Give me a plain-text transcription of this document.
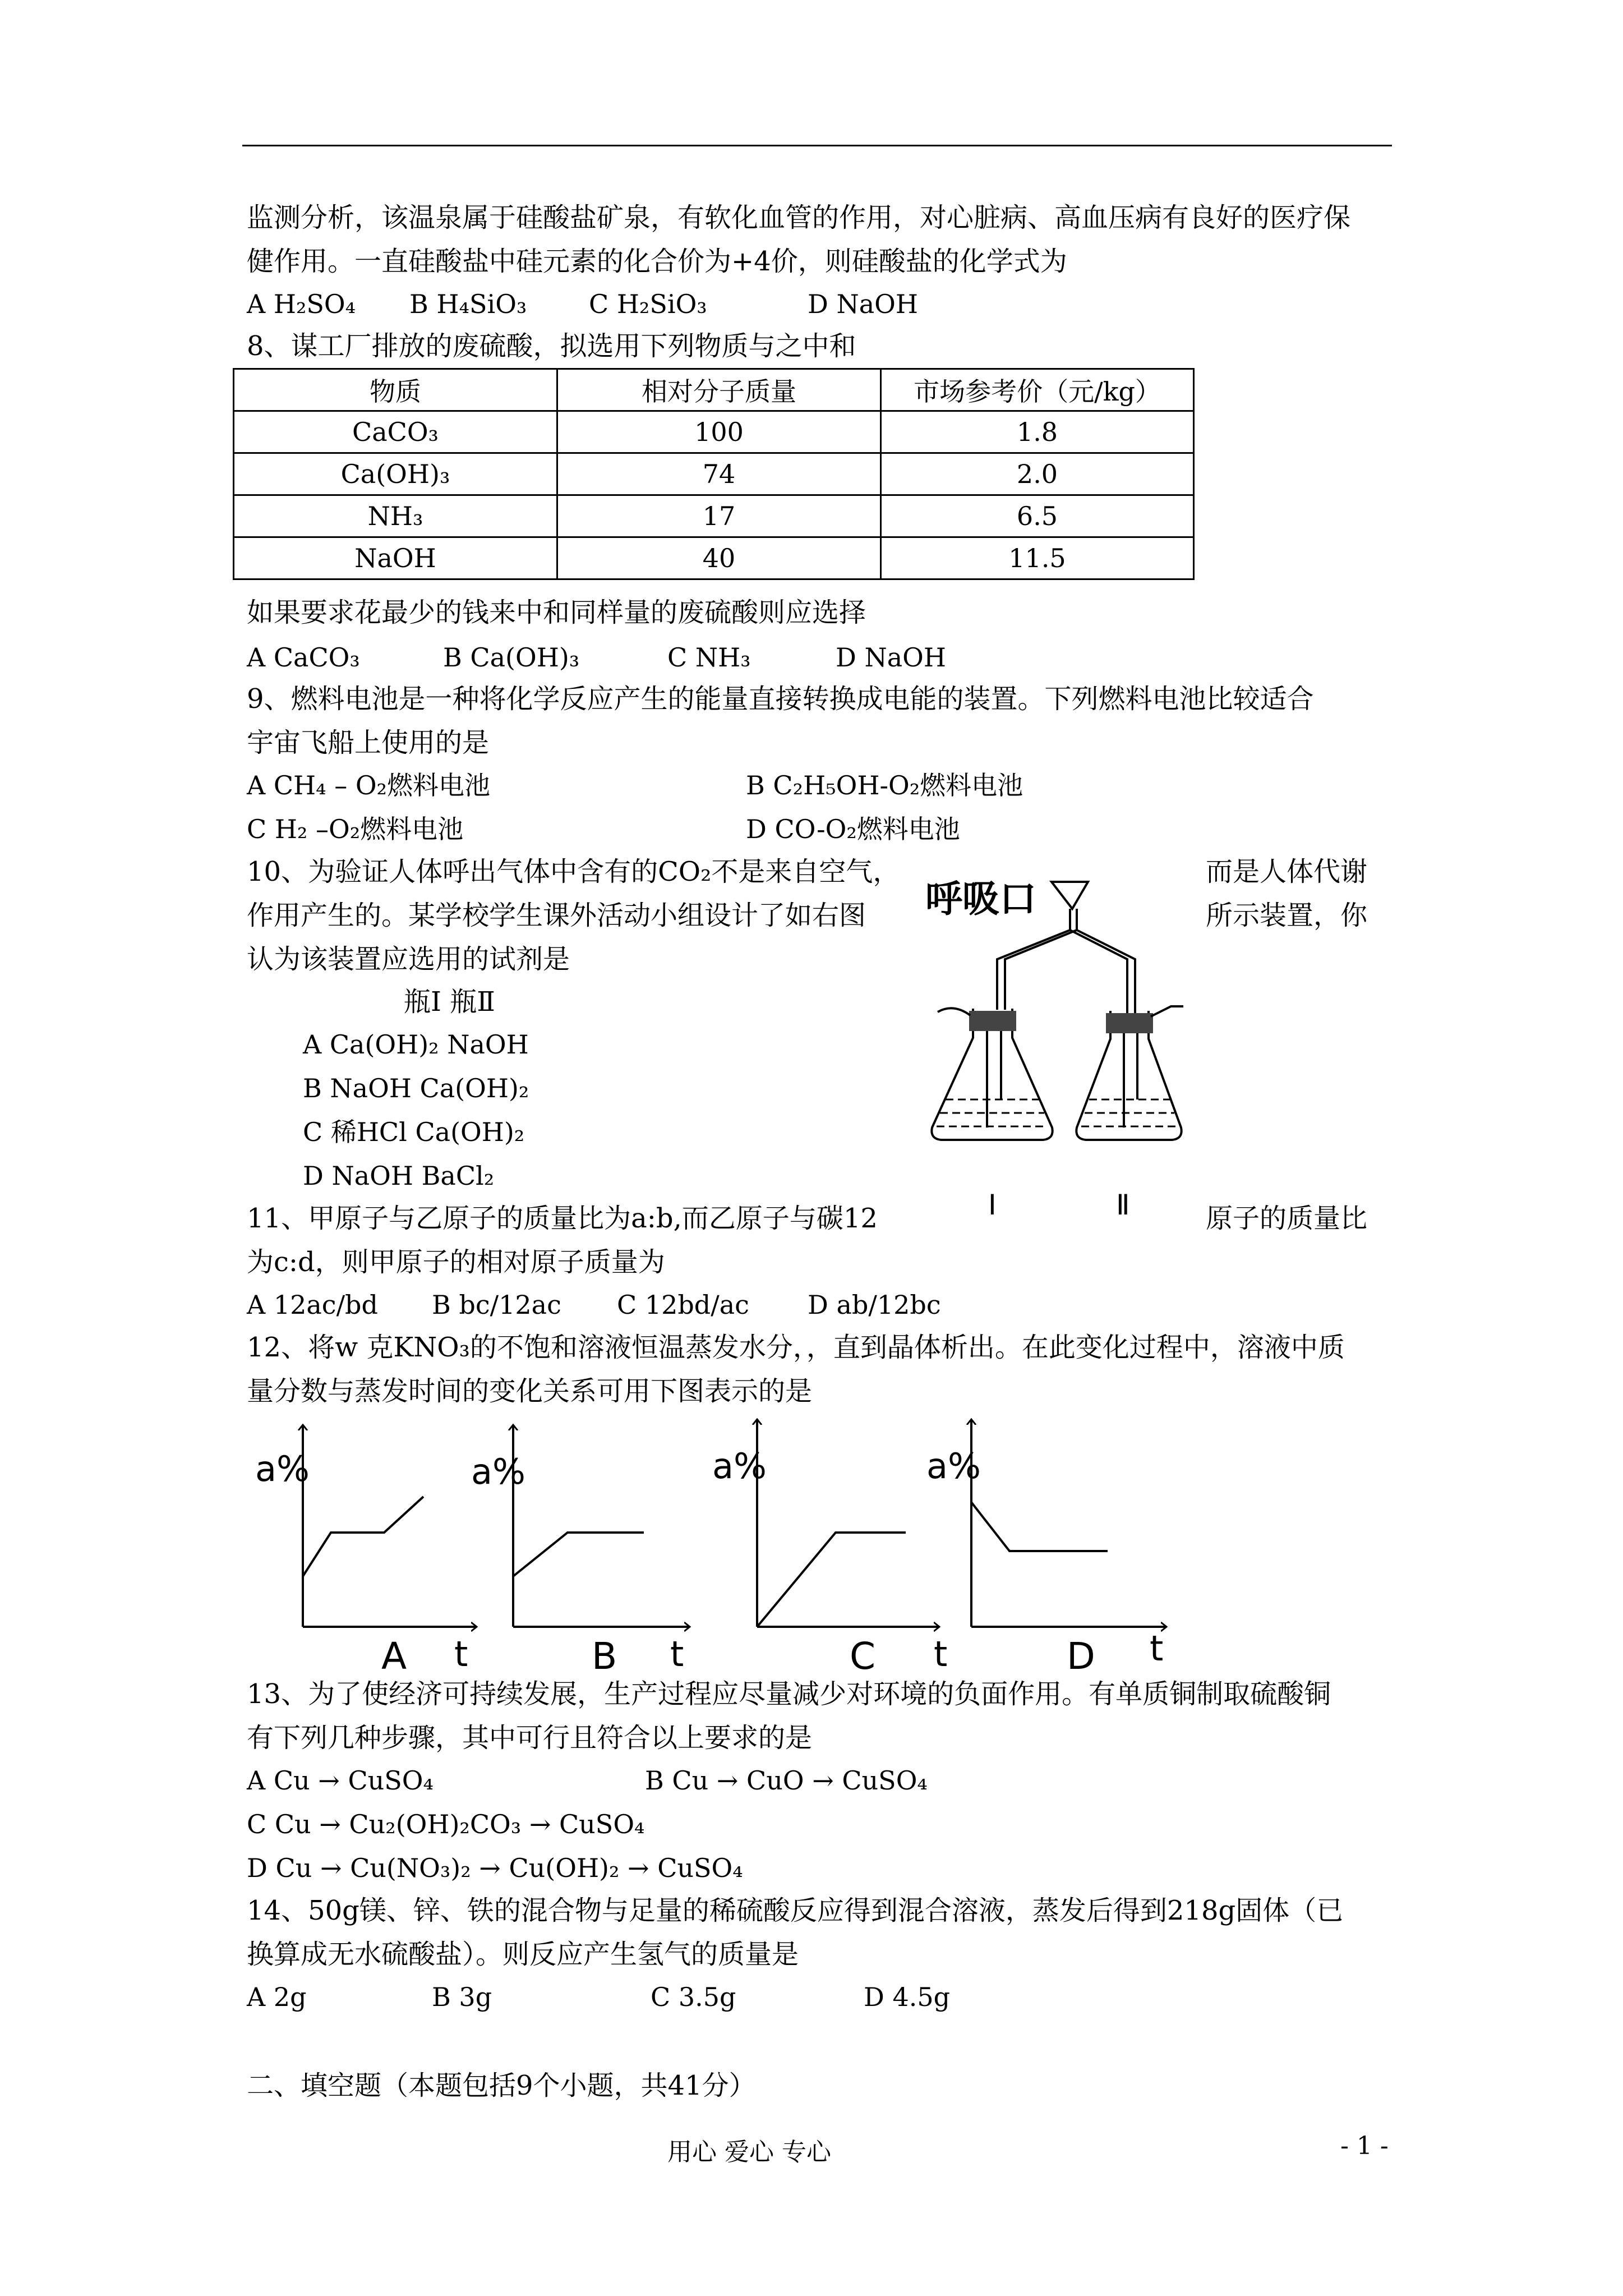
监测分析，该温泉属于硅酸盐矿泉，有软化血管的作用，对心脏病、高血压病有良好的医疗保
健作用。一直硅酸盐中硅元素的化合价为+4价，则硅酸盐的化学式为
A H₂SO₄ B H₄SiO₃ C H₂SiO₃	D NaOH
8、谋工厂排放的废硫酸，拟选用下列物质与之中和
物质	相对分子质量	市场参考价（元/kg）
CaCO₃	100	1.8
Ca(OH)₃	74	2.0
NH₃	17	6.5
NaOH	40	11.5
如果要求花最少的钱来中和同样量的废硫酸则应选择
A CaCO₃	B Ca(OH)₃	C NH₃	D NaOH
9、燃料电池是一种将化学反应产生的能量直接转换成电能的装置。下列燃料电池比较适合
宇宙飞船上使用的是
A CH₄ – O₂燃料电池	B C₂H₅OH-O₂燃料电池
C H₂ –O₂燃料电池	D CO-O₂燃料电池
10、为验证人体呼出气体中含有的CO₂不是来自空气，	而是人体代谢
作用产生的。某学校学生课外活动小组设计了如右图	所示装置，你
认为该装置应选用的试剂是
瓶Ⅰ 瓶Ⅱ
A Ca(OH)₂ NaOH
B NaOH Ca(OH)₂
C 稀HCl Ca(OH)₂
D NaOH BaCl₂
呼吸口
Ⅰ	Ⅱ
11、甲原子与乙原子的质量比为a:b,而乙原子与碳12	原子的质量比
为c:d，则甲原子的相对原子质量为
A 12ac/bd B bc/12ac C 12bd/ac D ab/12bc
12、将w 克KNO₃的不饱和溶液恒温蒸发水分，，直到晶体析出。在此变化过程中，溶液中质
量分数与蒸发时间的变化关系可用下图表示的是
a%
A t
a%
B t
a%
C t
a%
D t
13、为了使经济可持续发展，生产过程应尽量减少对环境的负面作用。有单质铜制取硫酸铜
有下列几种步骤，其中可行且符合以上要求的是
A Cu → CuSO₄	B Cu → CuO → CuSO₄
C Cu → Cu₂(OH)₂CO₃ → CuSO₄
D Cu → Cu(NO₃)₂ → Cu(OH)₂ → CuSO₄
14、50g镁、锌、铁的混合物与足量的稀硫酸反应得到混合溶液，蒸发后得到218g固体（已
换算成无水硫酸盐）。则反应产生氢气的质量是
A 2g	B 3g	C 3.5g	D 4.5g
二、填空题（本题包括9个小题，共41分）
用心 爱心 专心	- 1 -
